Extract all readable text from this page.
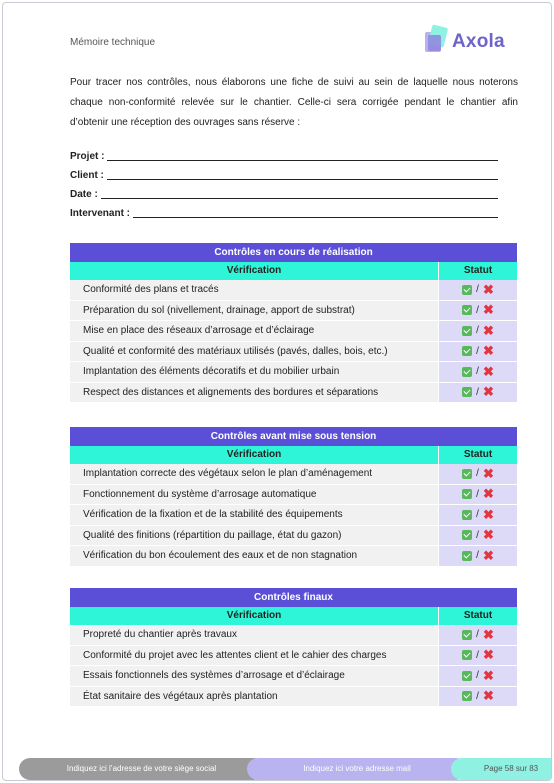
Mémoire technique	Axola

Pour tracer nos contrôles, nous élaborons une fiche de suivi au sein de laquelle nous noterons chaque non-conformité relevée sur le chantier. Celle-ci sera corrigée pendant le chantier afin d’obtenir une réception des ouvrages sans réserve :

Projet :
Client :
Date :
Intervenant :
Contrôles en cours de réalisation
Vérification	Statut
Conformité des plans et tracés	/ ✖
Préparation du sol (nivellement, drainage, apport de substrat)	/ ✖
Mise en place des réseaux d’arrosage et d’éclairage	/ ✖
Qualité et conformité des matériaux utilisés (pavés, dalles, bois, etc.)	/ ✖
Implantation des éléments décoratifs et du mobilier urbain	/ ✖
Respect des distances et alignements des bordures et séparations	/ ✖
Contrôles avant mise sous tension
Vérification	Statut
Implantation correcte des végétaux selon le plan d’aménagement	/ ✖
Fonctionnement du système d’arrosage automatique	/ ✖
Vérification de la fixation et de la stabilité des équipements	/ ✖
Qualité des finitions (répartition du paillage, état du gazon)	/ ✖
Vérification du bon écoulement des eaux et de non stagnation	/ ✖
Contrôles finaux
Vérification	Statut
Propreté du chantier après travaux	/ ✖
Conformité du projet avec les attentes client et le cahier des charges	/ ✖
Essais fonctionnels des systèmes d’arrosage et d’éclairage	/ ✖
État sanitaire des végétaux après plantation	/ ✖
Indiquez ici l’adresse de votre siège social	Indiquez ici votre adresse mail	Page 58 sur 83
